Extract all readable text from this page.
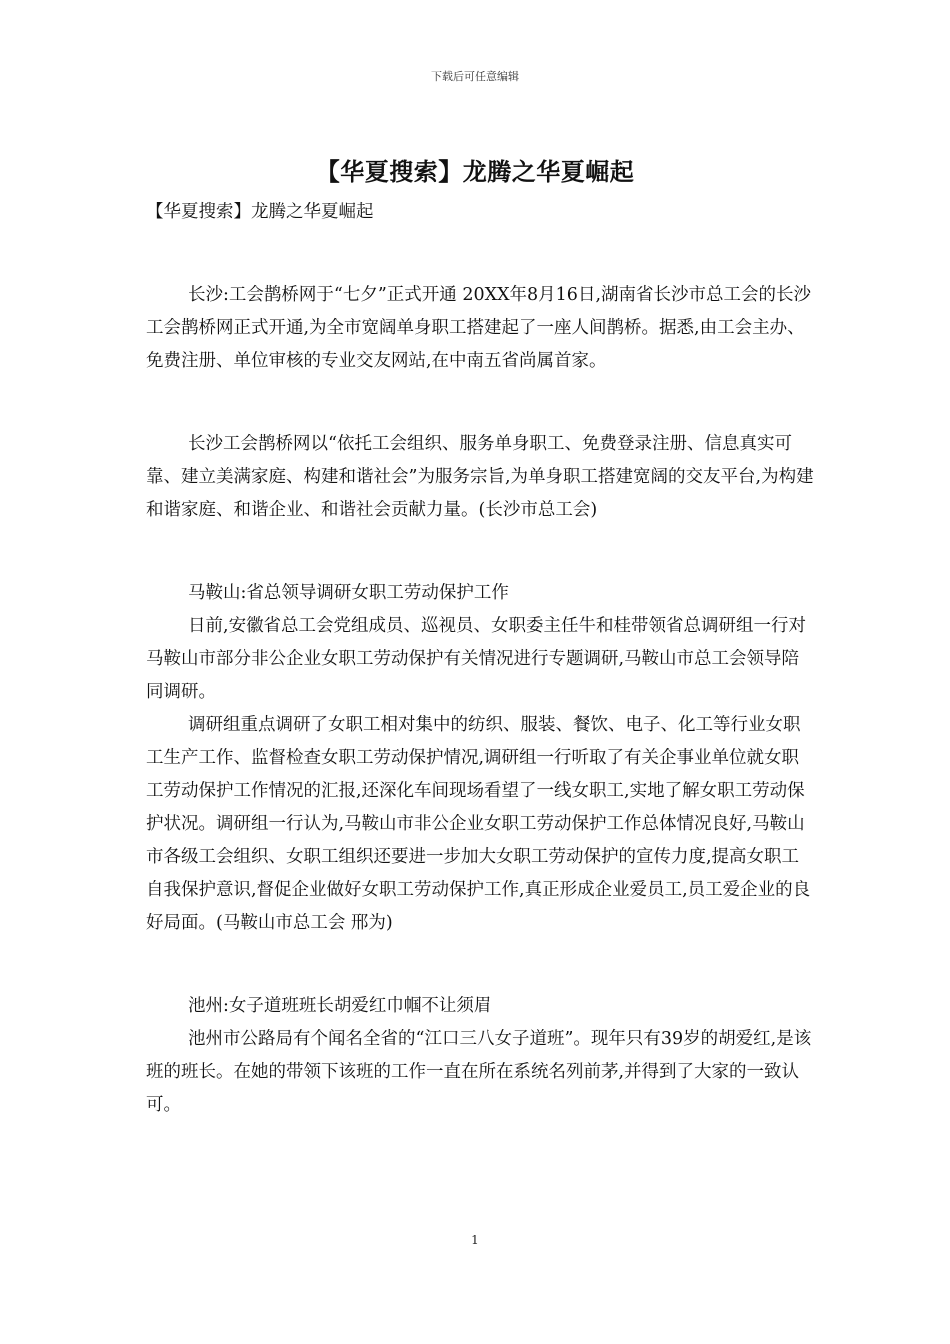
下载后可任意编辑
【华夏搜索】龙腾之华夏崛起

【华夏搜索】龙腾之华夏崛起

长沙:工会鹊桥网于“七夕”正式开通 20XX年8月16日,湖南省长沙市总工会的长沙工会鹊桥网正式开通,为全市宽阔单身职工搭建起了一座人间鹊桥。据悉,由工会主办、免费注册、单位审核的专业交友网站,在中南五省尚属首家。

长沙工会鹊桥网以“依托工会组织、服务单身职工、免费登录注册、信息真实可靠、建立美满家庭、构建和谐社会”为服务宗旨,为单身职工搭建宽阔的交友平台,为构建和谐家庭、和谐企业、和谐社会贡献力量。(长沙市总工会)

马鞍山:省总领导调研女职工劳动保护工作

日前,安徽省总工会党组成员、巡视员、女职委主任牛和桂带领省总调研组一行对马鞍山市部分非公企业女职工劳动保护有关情况进行专题调研,马鞍山市总工会领导陪同调研。

调研组重点调研了女职工相对集中的纺织、服装、餐饮、电子、化工等行业女职工生产工作、监督检查女职工劳动保护情况,调研组一行听取了有关企事业单位就女职工劳动保护工作情况的汇报,还深化车间现场看望了一线女职工,实地了解女职工劳动保护状况。调研组一行认为,马鞍山市非公企业女职工劳动保护工作总体情况良好,马鞍山市各级工会组织、女职工组织还要进一步加大女职工劳动保护的宣传力度,提高女职工自我保护意识,督促企业做好女职工劳动保护工作,真正形成企业爱员工,员工爱企业的良好局面。(马鞍山市总工会 邢为)

池州:女子道班班长胡爱红巾帼不让须眉

池州市公路局有个闻名全省的“江口三八女子道班”。现年只有39岁的胡爱红,是该班的班长。在她的带领下该班的工作一直在所在系统名列前茅,并得到了大家的一致认可。

1
